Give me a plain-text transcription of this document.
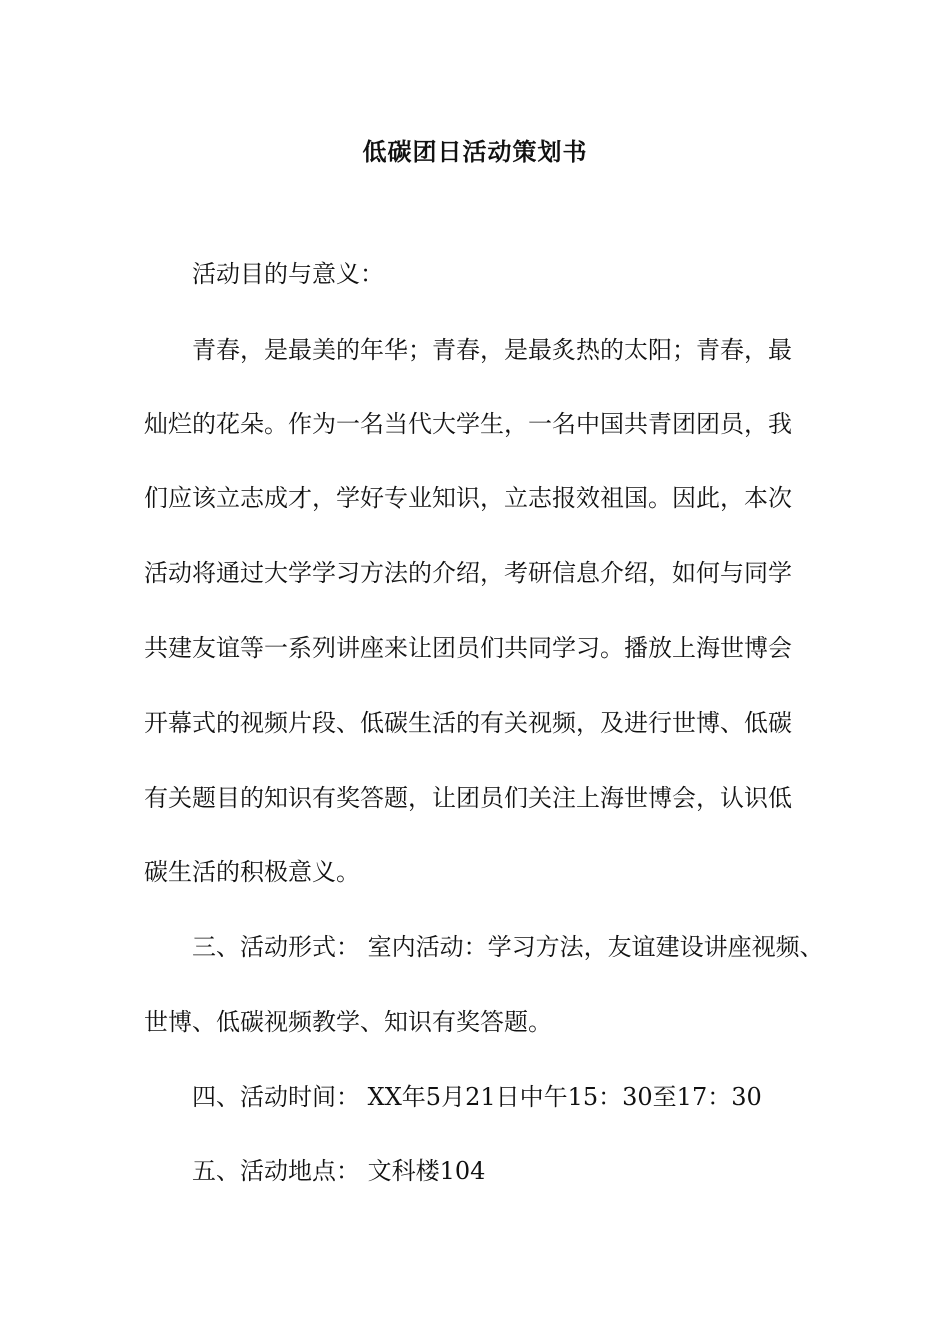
低碳团日活动策划书
活动目的与意义：
青春，是最美的年华；青春，是最炙热的太阳；青春，最
灿烂的花朵。作为一名当代大学生，一名中国共青团团员，我
们应该立志成才，学好专业知识，立志报效祖国。因此，本次
活动将通过大学学习方法的介绍，考研信息介绍，如何与同学
共建友谊等一系列讲座来让团员们共同学习。播放上海世博会
开幕式的视频片段、低碳生活的有关视频，及进行世博、低碳
有关题目的知识有奖答题，让团员们关注上海世博会，认识低
碳生活的积极意义。
三、活动形式： 室内活动：学习方法，友谊建设讲座视频、
世博、低碳视频教学、知识有奖答题。
四、活动时间： XX年5月21日中午15：30至17：30
五、活动地点： 文科楼104
